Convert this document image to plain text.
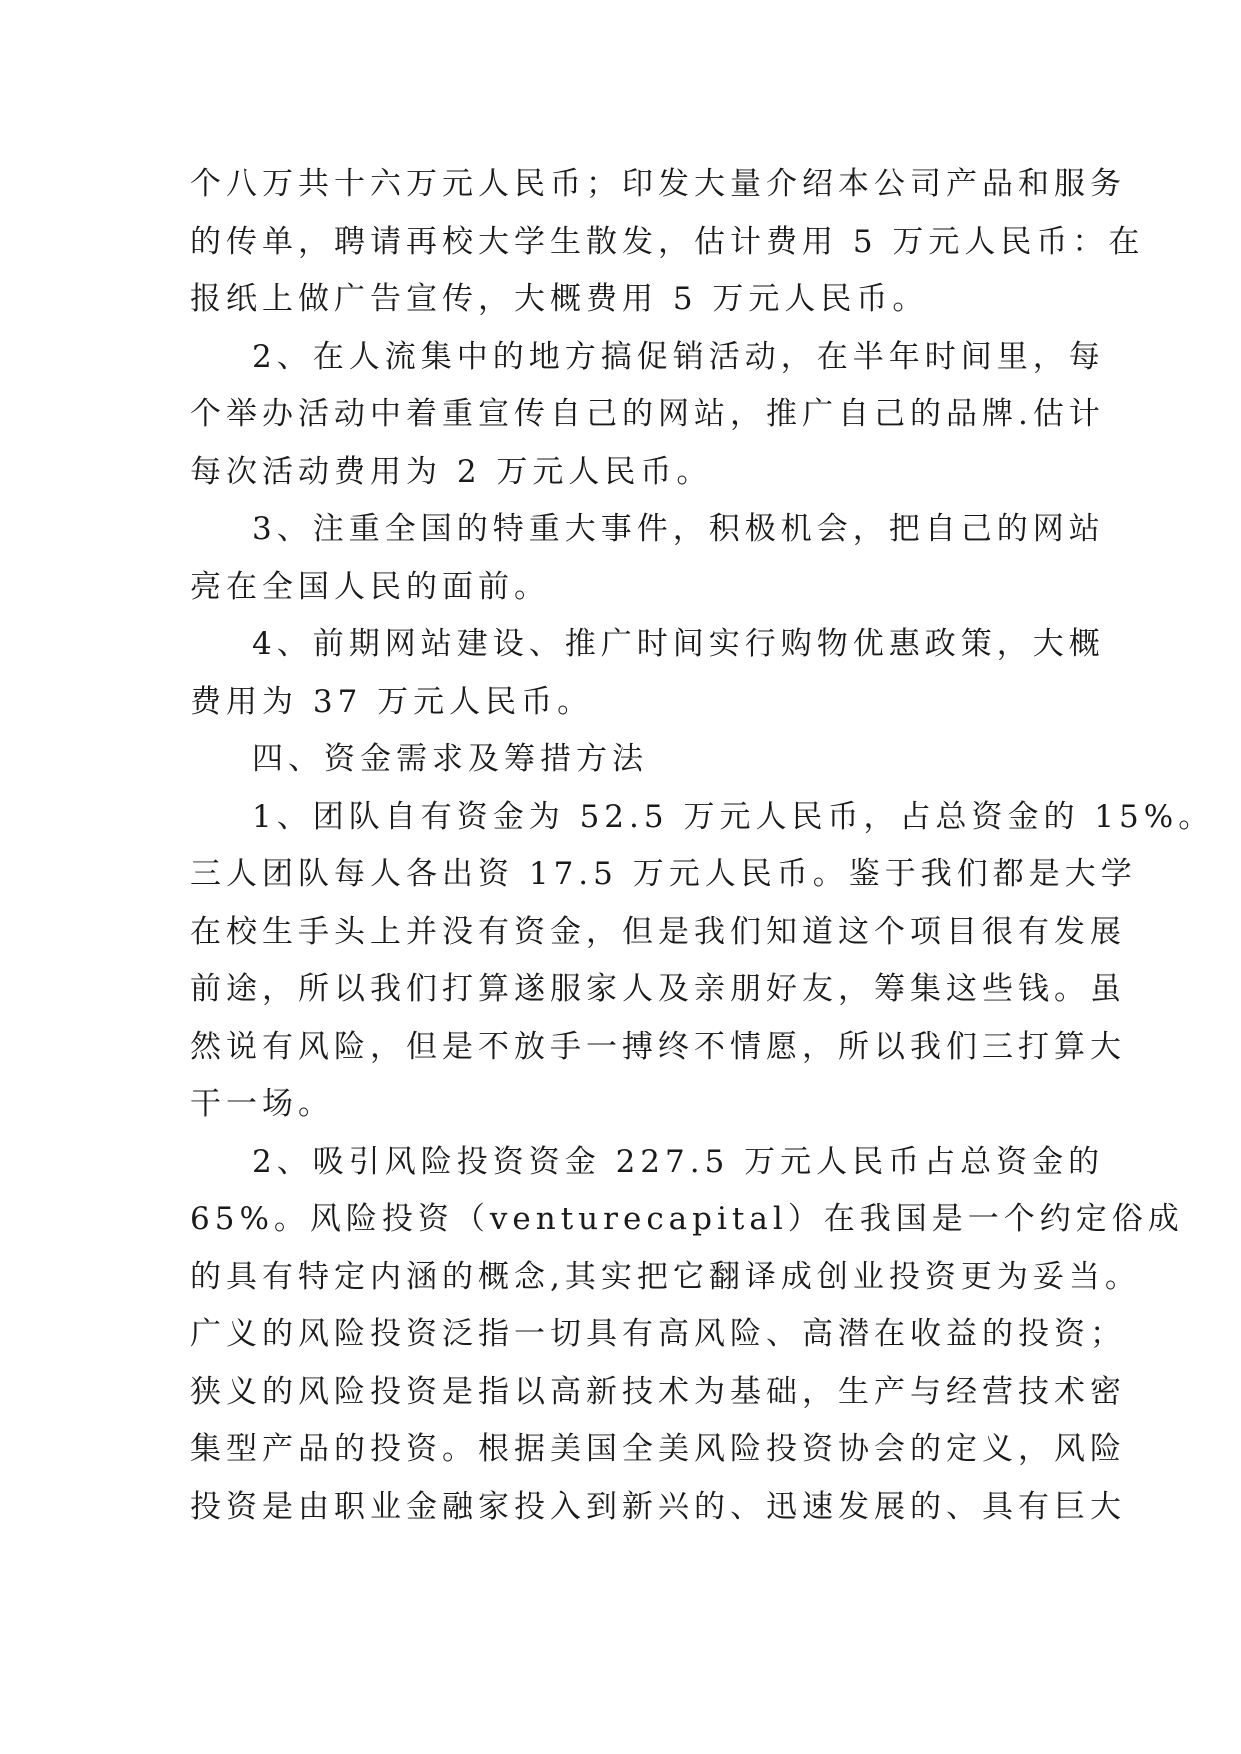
个八万共十六万元人民币；印发大量介绍本公司产品和服务
的传单，聘请再校大学生散发，估计费用 5 万元人民币：在
报纸上做广告宣传，大概费用 5 万元人民币。
2、在人流集中的地方搞促销活动，在半年时间里，每
个举办活动中着重宣传自己的网站，推广自己的品牌.估计
每次活动费用为 2 万元人民币。
3、注重全国的特重大事件，积极机会，把自己的网站
亮在全国人民的面前。
4、前期网站建设、推广时间实行购物优惠政策，大概
费用为 37 万元人民币。
四、资金需求及筹措方法
1、团队自有资金为 52.5 万元人民币，占总资金的 15%。
三人团队每人各出资 17.5 万元人民币。鉴于我们都是大学
在校生手头上并没有资金，但是我们知道这个项目很有发展
前途，所以我们打算遂服家人及亲朋好友，筹集这些钱。虽
然说有风险，但是不放手一搏终不情愿，所以我们三打算大
干一场。
2、吸引风险投资资金 227.5 万元人民币占总资金的
65%。风险投资（venturecapital）在我国是一个约定俗成
的具有特定内涵的概念,其实把它翻译成创业投资更为妥当。
广义的风险投资泛指一切具有高风险、高潜在收益的投资；
狭义的风险投资是指以高新技术为基础，生产与经营技术密
集型产品的投资。根据美国全美风险投资协会的定义，风险
投资是由职业金融家投入到新兴的、迅速发展的、具有巨大
